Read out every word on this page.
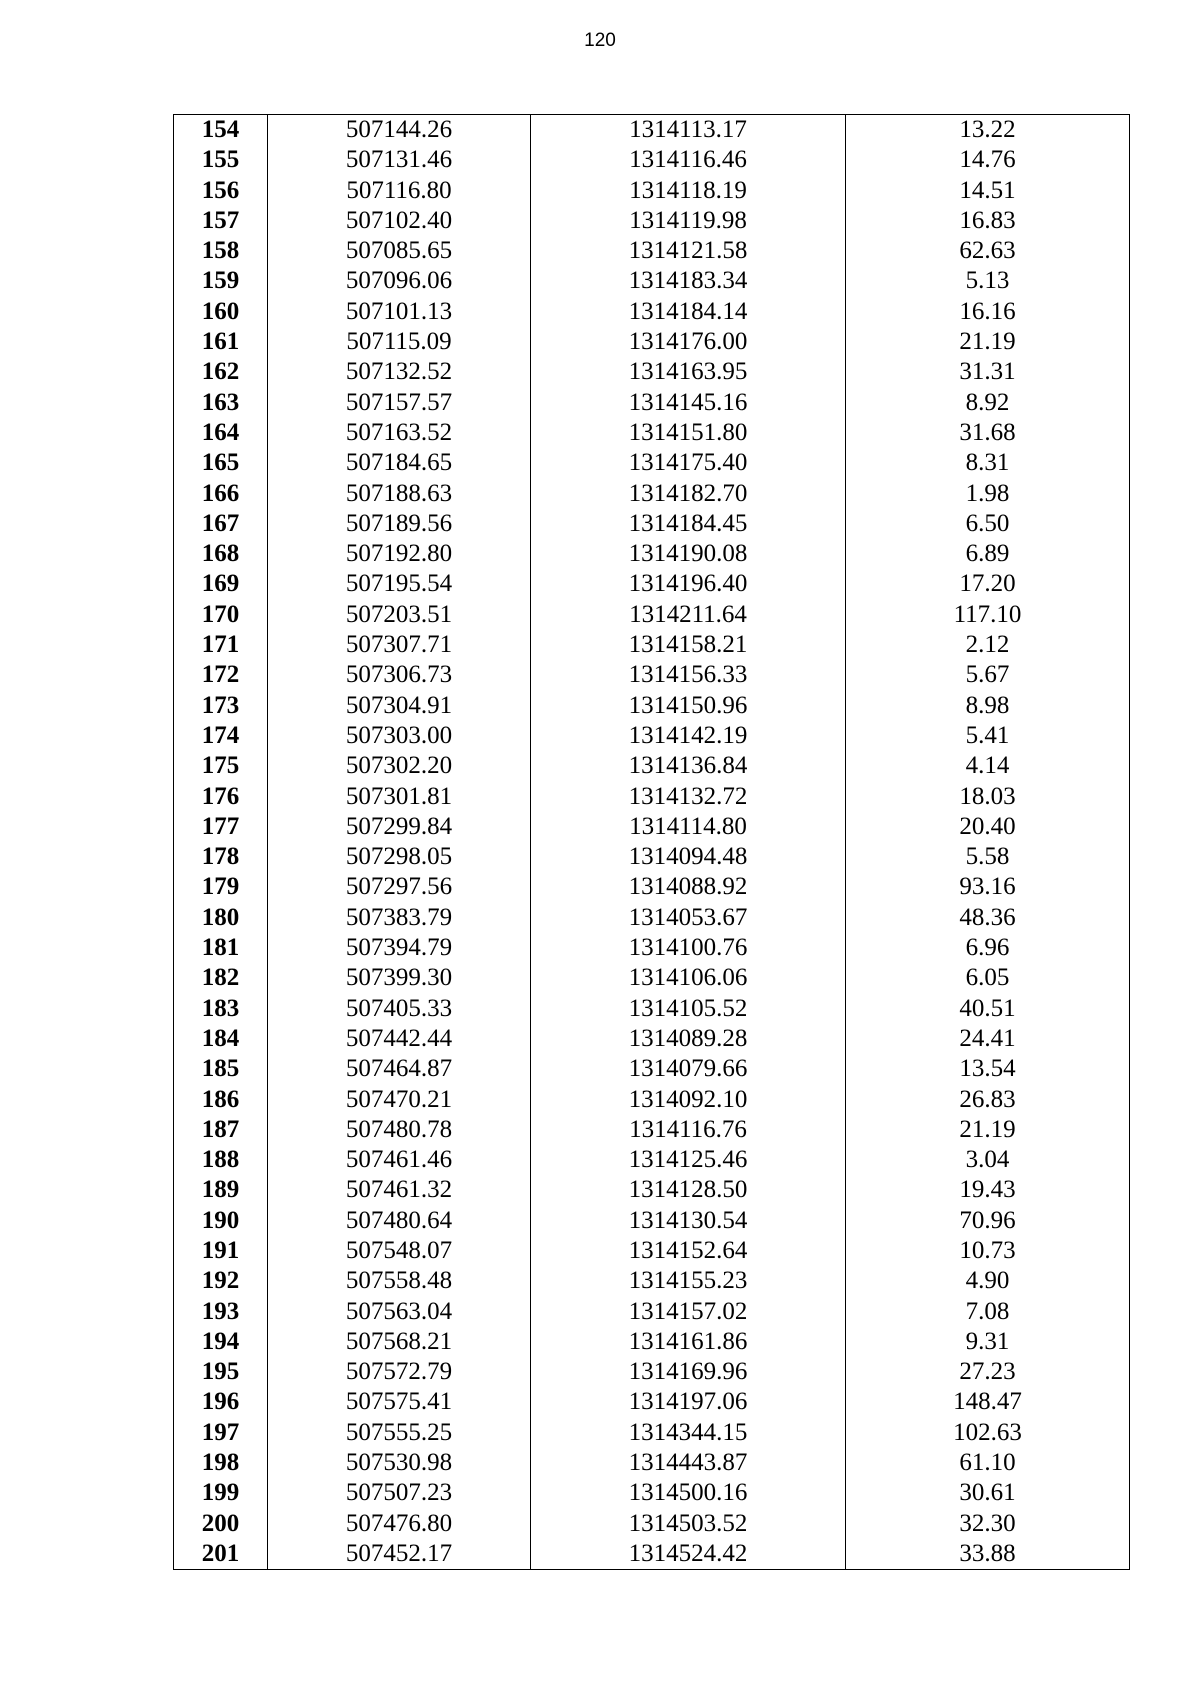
120
154	507144.26	1314113.17	13.22
155	507131.46	1314116.46	14.76
156	507116.80	1314118.19	14.51
157	507102.40	1314119.98	16.83
158	507085.65	1314121.58	62.63
159	507096.06	1314183.34	5.13
160	507101.13	1314184.14	16.16
161	507115.09	1314176.00	21.19
162	507132.52	1314163.95	31.31
163	507157.57	1314145.16	8.92
164	507163.52	1314151.80	31.68
165	507184.65	1314175.40	8.31
166	507188.63	1314182.70	1.98
167	507189.56	1314184.45	6.50
168	507192.80	1314190.08	6.89
169	507195.54	1314196.40	17.20
170	507203.51	1314211.64	117.10
171	507307.71	1314158.21	2.12
172	507306.73	1314156.33	5.67
173	507304.91	1314150.96	8.98
174	507303.00	1314142.19	5.41
175	507302.20	1314136.84	4.14
176	507301.81	1314132.72	18.03
177	507299.84	1314114.80	20.40
178	507298.05	1314094.48	5.58
179	507297.56	1314088.92	93.16
180	507383.79	1314053.67	48.36
181	507394.79	1314100.76	6.96
182	507399.30	1314106.06	6.05
183	507405.33	1314105.52	40.51
184	507442.44	1314089.28	24.41
185	507464.87	1314079.66	13.54
186	507470.21	1314092.10	26.83
187	507480.78	1314116.76	21.19
188	507461.46	1314125.46	3.04
189	507461.32	1314128.50	19.43
190	507480.64	1314130.54	70.96
191	507548.07	1314152.64	10.73
192	507558.48	1314155.23	4.90
193	507563.04	1314157.02	7.08
194	507568.21	1314161.86	9.31
195	507572.79	1314169.96	27.23
196	507575.41	1314197.06	148.47
197	507555.25	1314344.15	102.63
198	507530.98	1314443.87	61.10
199	507507.23	1314500.16	30.61
200	507476.80	1314503.52	32.30
201	507452.17	1314524.42	33.88
